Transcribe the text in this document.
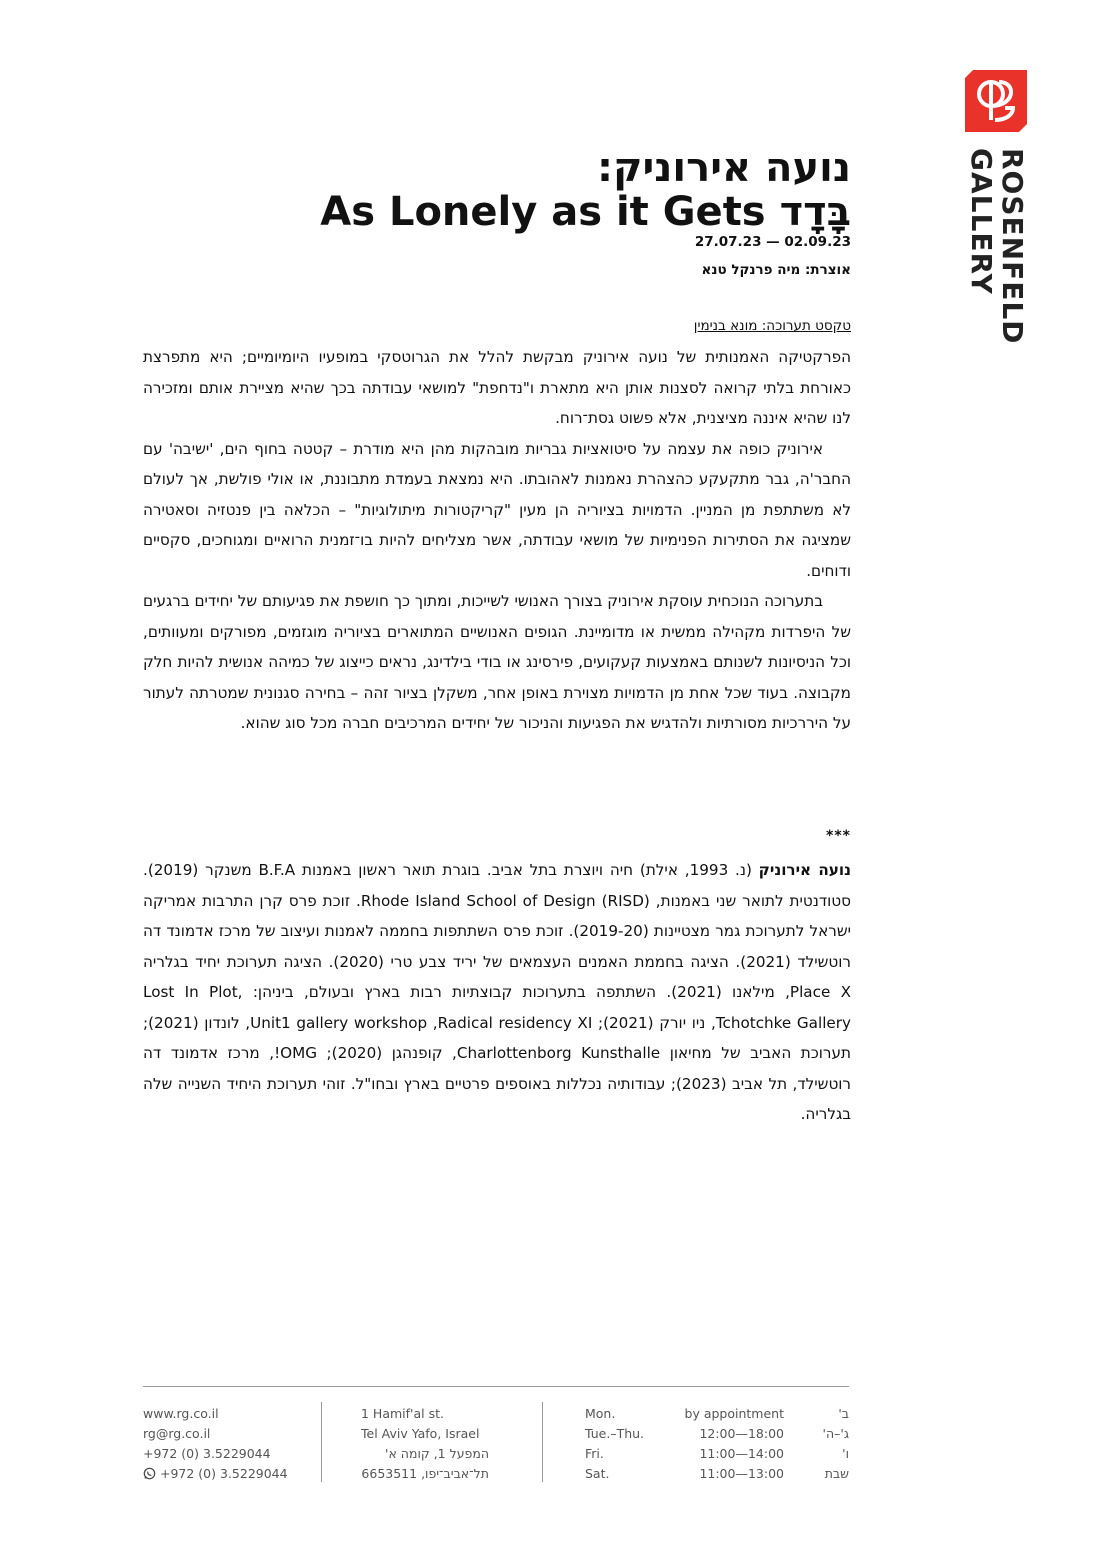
ROSENFELD
GALLERY
נועה אירוניק:
בָּדָד As Lonely as it Gets
02.09.23 — 27.07.23
אוצרת: מיה פרנקל טנא
טקסט תערוכה: מונא בנימין

הפרקטיקה האמנותית של נועה אירוניק מבקשת להלל את הגרוטסקי במופעיו היומיומיים; היא מתפרצת כאורחת בלתי קרואה לסצנות אותן היא מתארת ו"נדחפת" למושאי עבודתה בכך שהיא מציירת אותם ומזכירה לנו שהיא איננה מציצנית, אלא פשוט גסת־רוח.

אירוניק כופה את עצמה על סיטואציות גבריות מובהקות מהן היא מודרת – קטטה בחוף הים, 'ישיבה' עם החבר'ה, גבר מתקעקע כהצהרת נאמנות לאהובתו. היא נמצאת בעמדת מתבוננת, או אולי פולשת, אך לעולם לא משתתפת מן המניין. הדמויות בציוריה הן מעין "קריקטורות מיתולוגיות" – הכלאה בין פנטזיה וסאטירה שמציגה את הסתירות הפנימיות של מושאי עבודתה, אשר מצליחים להיות בו־זמנית הרואיים ומגוחכים, סקסיים ודוחים.

בתערוכה הנוכחית עוסקת אירוניק בצורך האנושי לשייכות, ומתוך כך חושפת את פגיעותם של יחידים ברגעים של היפרדות מקהילה ממשית או מדומיינת. הגופים האנושיים המתוארים בציוריה מוגזמים, מפורקים ומעוותים, וכל הניסיונות לשנותם באמצעות קעקועים, פירסינג או בודי בילדינג, נראים כייצוג של כמיהה אנושית להיות חלק מקבוצה. בעוד שכל אחת מן הדמויות מצוירת באופן אחר, משקלן בציור זהה – בחירה סגנונית שמטרתה לעתור על היררכיות מסורתיות ולהדגיש את הפגיעות והניכור של יחידים המרכיבים חברה מכל סוג שהוא.

***

נועה אירוניק (נ. 1993, אילת) חיה ויוצרת בתל אביב. בוגרת תואר ראשון באמנות B.F.A משנקר (2019). סטודנטית לתואר שני באמנות, Rhode Island School of Design (RISD). זוכת פרס קרן התרבות אמריקה ישראל לתערוכת גמר מצטיינות (2019-20). זוכת פרס השתתפות בחממה לאמנות ועיצוב של מרכז אדמונד דה רוטשילד (2021). הציגה בחממת האמנים העצמאים של יריד צבע טרי (2020). הציגה תערוכת יחיד בגלריה Place X, מילאנו (2021). השתתפה בתערוכות קבוצתיות רבות בארץ ובעולם, ביניהן: Lost In Plot, Tchotchke Gallery, ניו יורק (2021); Unit1 gallery workshop ,Radical residency XI, לונדון (2021); תערוכת האביב של מחיאון Charlottenborg Kunsthalle, קופנהגן (2020); OMG!, מרכז אדמונד דה רוטשילד, תל אביב (2023); עבודותיה נכללות באוספים פרטיים בארץ ובחו"ל. זוהי תערוכת היחיד השנייה שלה בגלריה.

www.rg.co.il
rg@rg.co.il
+972 (0) 3.5229044
+972 (0) 3.5229044
1 Hamif'al st.
Tel Aviv Yafo, Israel
המפעל 1, קומה א'
תל־אביב־יפו, 6653511
Mon.
Tue.–Thu.
Fri.
Sat.
by appointment
18:00—12:00
14:00—11:00
13:00—11:00
ב'
ג'–ה'
ו'
שבת
